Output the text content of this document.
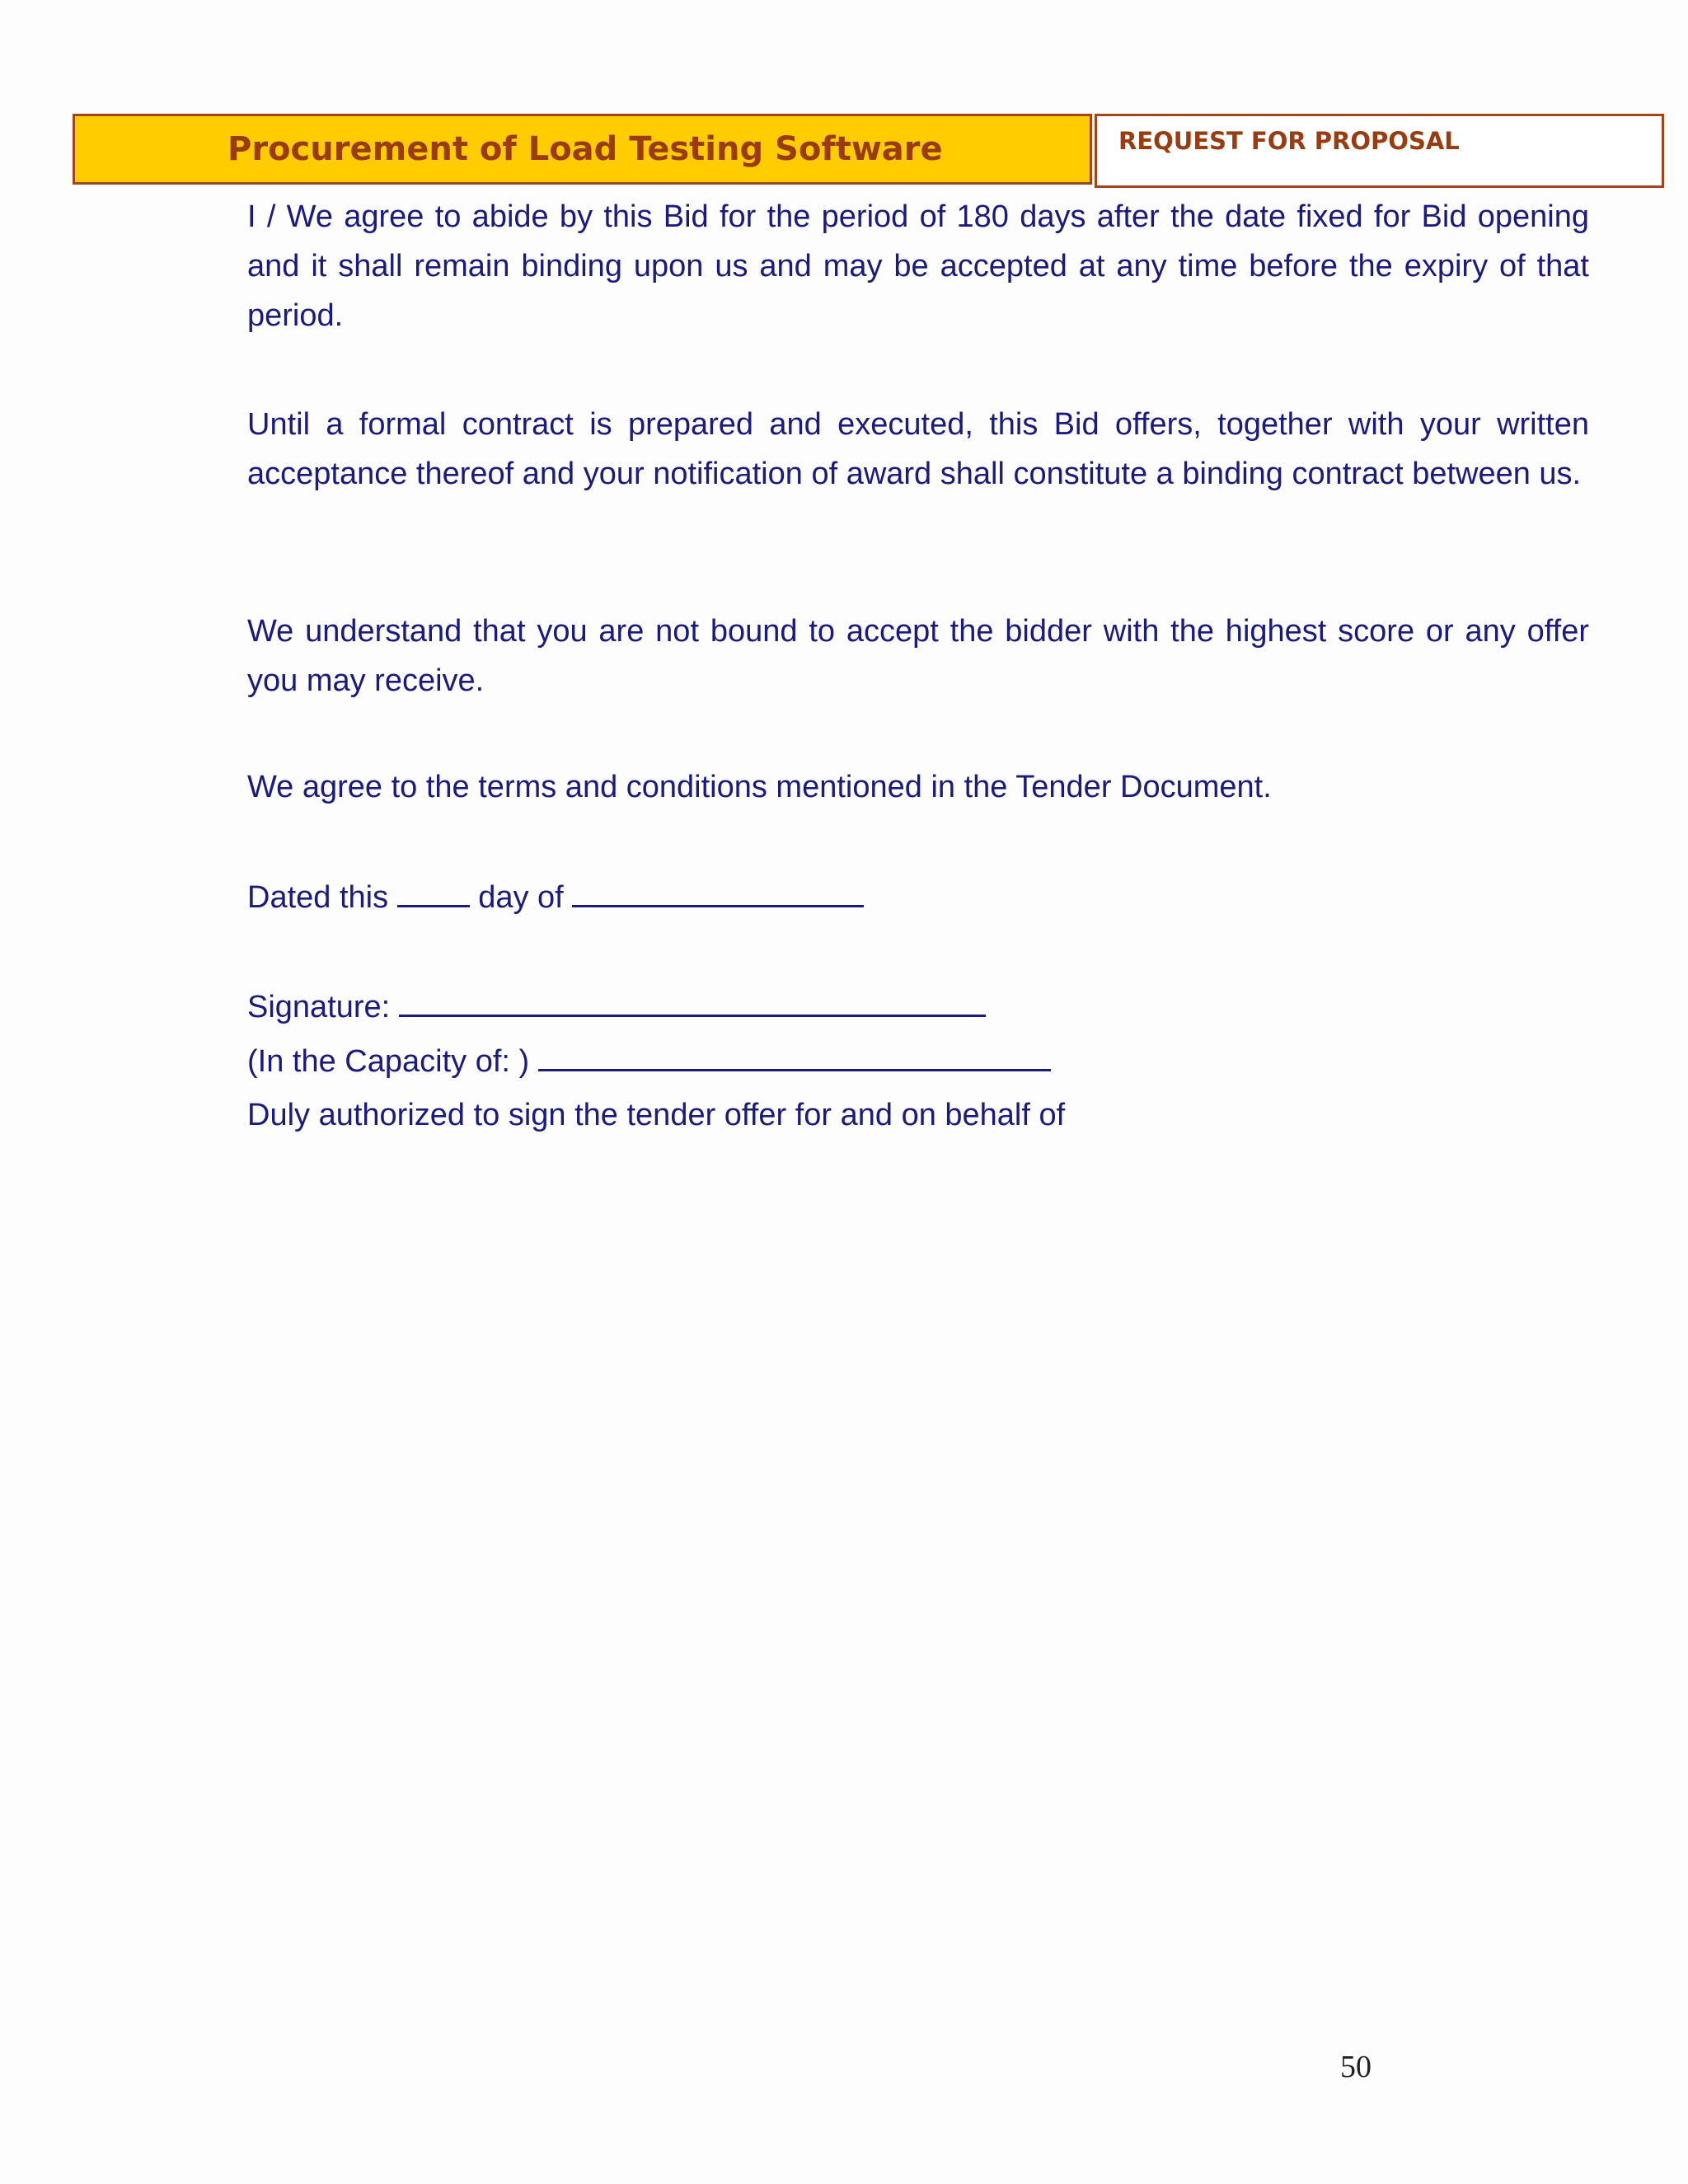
Procurement of Load Testing Software	REQUEST FOR PROPOSAL

I / We agree to abide by this Bid for the period of 180 days after the date fixed for Bid opening and it shall remain binding upon us and may be accepted at any time before the expiry of that period.

Until a formal contract is prepared and executed, this Bid offers, together with your written acceptance thereof and your notification of award shall constitute a binding contract between us.

We understand that you are not bound to accept the bidder with the highest score or any offer you may receive.

We agree to the terms and conditions mentioned in the Tender Document.

Dated this	day of
Signature:
(In the Capacity of: )
Duly authorized to sign the tender offer for and on behalf of
50
